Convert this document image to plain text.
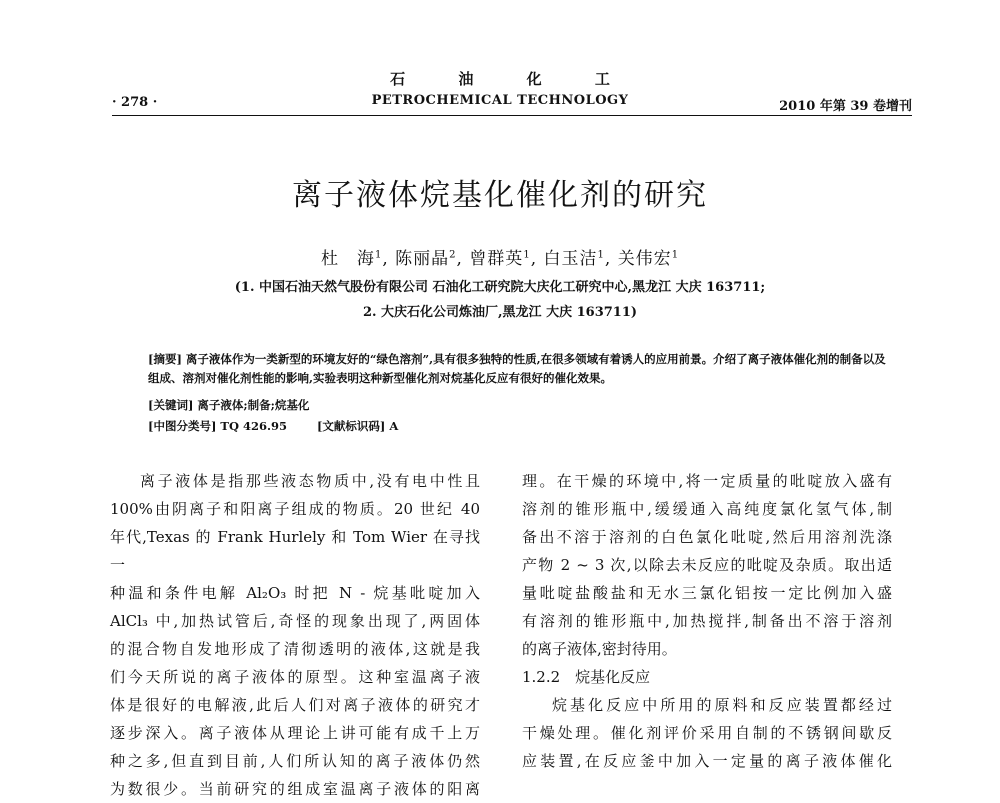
石 油 化 工
PETROCHEMICAL TECHNOLOGY
· 278 ·	2010 年第 39 卷增刊
离子液体烷基化催化剂的研究
杜　海$^1$, 陈丽晶$^2$, 曾群英$^1$, 白玉洁$^1$, 关伟宏$^1$
(1. 中国石油天然气股份有限公司 石油化工研究院大庆化工研究中心,黑龙江 大庆 163711;
2. 大庆石化公司炼油厂,黑龙江 大庆 163711)
[摘要] 离子液体作为一类新型的环境友好的“绿色溶剂”,具有很多独特的性质,在很多领域有着诱人的应用前景。介绍了离子液体催化剂的制备以及组成、溶剂对催化剂性能的影响,实验表明这种新型催化剂对烷基化反应有很好的催化效果。
[关键词] 离子液体;制备;烷基化
[中图分类号] TQ 426.95	[文献标识码] A

离子液体是指那些液态物质中,没有电中性且

100%由阴离子和阳离子组成的物质。20 世纪 40

年代,Texas 的 Frank Hurlely 和 Tom Wier 在寻找一

种温和条件电解 Al₂O₃ 时把 N - 烷基吡啶加入

AlCl₃ 中,加热试管后,奇怪的现象出现了,两固体

的混合物自发地形成了清彻透明的液体,这就是我

们今天所说的离子液体的原型。这种室温离子液

体是很好的电解液,此后人们对离子液体的研究才

逐步深入。离子液体从理论上讲可能有成千上万

种之多,但直到目前,人们所认知的离子液体仍然

为数很少。当前研究的组成室温离子液体的阳离

理。在干燥的环境中,将一定质量的吡啶放入盛有

溶剂的锥形瓶中,缓缓通入高纯度氯化氢气体,制

备出不溶于溶剂的白色氯化吡啶,然后用溶剂洗涤

产物 2 ~ 3 次,以除去未反应的吡啶及杂质。取出适

量吡啶盐酸盐和无水三氯化铝按一定比例加入盛

有溶剂的锥形瓶中,加热搅拌,制备出不溶于溶剂

的离子液体,密封待用。

1.2.2　烷基化反应

烷基化反应中所用的原料和反应装置都经过

干燥处理。催化剂评价采用自制的不锈钢间歇反

应装置,在反应釜中加入一定量的离子液体催化
